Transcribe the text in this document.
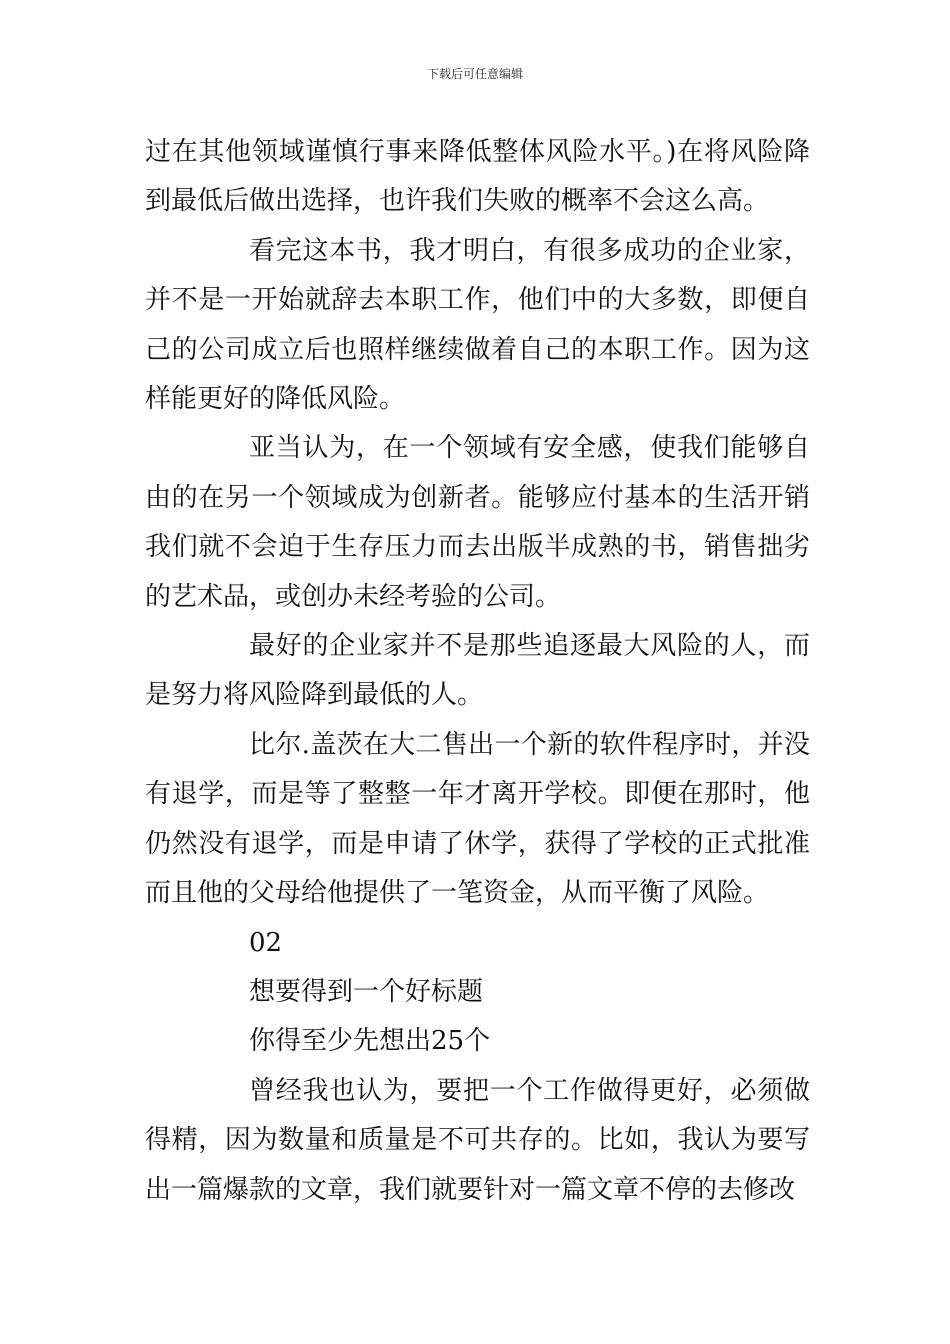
下载后可任意编辑

过在其他领域谨慎行事来降低整体风险水平。)在将风险降到最低后做出选择，也许我们失败的概率不会这么高。

看完这本书，我才明白，有很多成功的企业家，并不是一开始就辞去本职工作，他们中的大多数，即便自己的公司成立后也照样继续做着自己的本职工作。因为这样能更好的降低风险。

亚当认为，在一个领域有安全感，使我们能够自由的在另一个领域成为创新者。能够应付基本的生活开销我们就不会迫于生存压力而去出版半成熟的书，销售拙劣的艺术品，或创办未经考验的公司。

最好的企业家并不是那些追逐最大风险的人，而是努力将风险降到最低的人。

比尔.盖茨在大二售出一个新的软件程序时，并没有退学，而是等了整整一年才离开学校。即便在那时，他仍然没有退学，而是申请了休学，获得了学校的正式批准而且他的父母给他提供了一笔资金，从而平衡了风险。

02

想要得到一个好标题

你得至少先想出25个

曾经我也认为，要把一个工作做得更好，必须做得精，因为数量和质量是不可共存的。比如，我认为要写出一篇爆款的文章，我们就要针对一篇文章不停的去修改
